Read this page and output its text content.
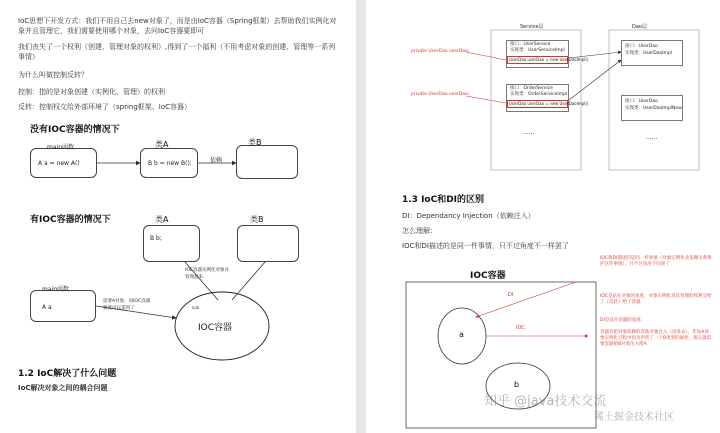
IoC思想下开发方式：我们不用自己去new对象了，而是由IoC容器（Spring框架）去帮助我们实例化对象并且管理它，我们需要使用哪个对象，去问IoC容器要即可
我们丧失了一个权利（创建、管理对象的权利）,得到了一个福利（不用考虑对象的创建、管理等一系列事情）
为什么叫做控制反转？
控制：指的是对象创建（实例化、管理）的权利
反转：控制权交给外部环境了（spring框架、IoC容器）
没有IOC容器的情况下
main函数
A a = new A()
类A
B b = new B();	依赖
类B
有IOC容器的情况下	类A
B b;
类B
IOC容器实例化对象并
管理起来
main函数
A a
需要A对象，问IOC容器
要就可以拿到了	a,b
IOC容器
1.2 IoC解决了什么问题
IoC解决对象之间的耦合问题
Service层	Dao层
private UserDao userDao;
private UserDao userDao;
接口：UserService
实现类：UserServiceImpl
UserDao userDao = new UserDaoImpl()
接口：OrderService
实现类：OrderServiceImpl
UserDao userDao = new UserDaoImpl()
......
接口：UserDao
实现类：UserDaoImpl
接口：UserDao
实现类：UserDaoImplNew
......
1.3 IoC和DI的区别
DI：Dependancy Injection（依赖注入）
怎么理解：
IOC和DI描述的是同一件事情，只不过角度不一样罢了
IOC容器
a
b
DI
IOC
IOC和DI描述的是同一件事情（对象实例化及依赖关系维护这件事情），只不过角度不同罢了
IOC是站在对象的角度，对象实例化及其管理的权利交给了（反转）给了容器
DI是站在容器的角度，
容器会把对象依赖的其他对象注入（送进去），比如A对象实例化过程中因为声明了一个B类型的属性，那么就需要容器把B对象注入给A
知乎 @java技术交流
稀土掘金技术社区
